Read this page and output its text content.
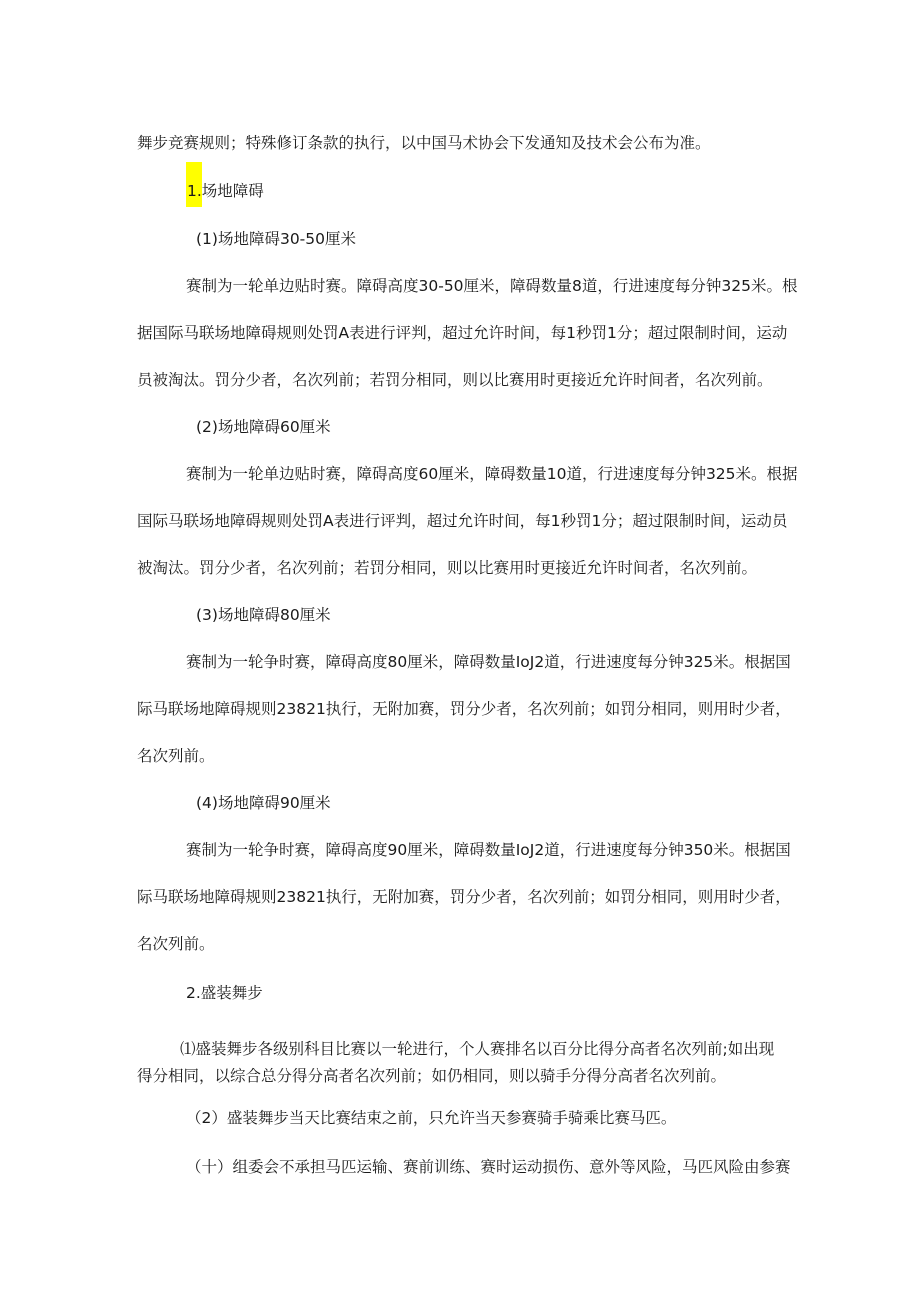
舞步竞赛规则；特殊修订条款的执行，以中国马术协会下发通知及技术会公布为准。
1.场地障碍
(1)场地障碍30-50厘米
赛制为一轮单边贴时赛。障碍高度30-50厘米，障碍数量8道，行进速度每分钟325米。根
据国际马联场地障碍规则处罚A表进行评判，超过允许时间，每1秒罚1分；超过限制时间，运动
员被淘汰。罚分少者，名次列前；若罚分相同，则以比赛用时更接近允许时间者，名次列前。
(2)场地障碍60厘米
赛制为一轮单边贴时赛，障碍高度60厘米，障碍数量10道，行进速度每分钟325米。根据
国际马联场地障碍规则处罚A表进行评判，超过允许时间，每1秒罚1分；超过限制时间，运动员
被淘汰。罚分少者，名次列前；若罚分相同，则以比赛用时更接近允许时间者，名次列前。
(3)场地障碍80厘米
赛制为一轮争时赛，障碍高度80厘米，障碍数量IoJ2道，行进速度每分钟325米。根据国
际马联场地障碍规则23821执行，无附加赛，罚分少者，名次列前；如罚分相同，则用时少者，
名次列前。
(4)场地障碍90厘米
赛制为一轮争时赛，障碍高度90厘米，障碍数量IoJ2道，行进速度每分钟350米。根据国
际马联场地障碍规则23821执行，无附加赛，罚分少者，名次列前；如罚分相同，则用时少者，
名次列前。
2.盛装舞步
⑴盛装舞步各级别科目比赛以一轮进行，个人赛排名以百分比得分高者名次列前;如出现
得分相同，以综合总分得分高者名次列前；如仍相同，则以骑手分得分高者名次列前。
（2）盛装舞步当天比赛结束之前，只允许当天参赛骑手骑乘比赛马匹。
（十）组委会不承担马匹运输、赛前训练、赛时运动损伤、意外等风险，马匹风险由参赛
